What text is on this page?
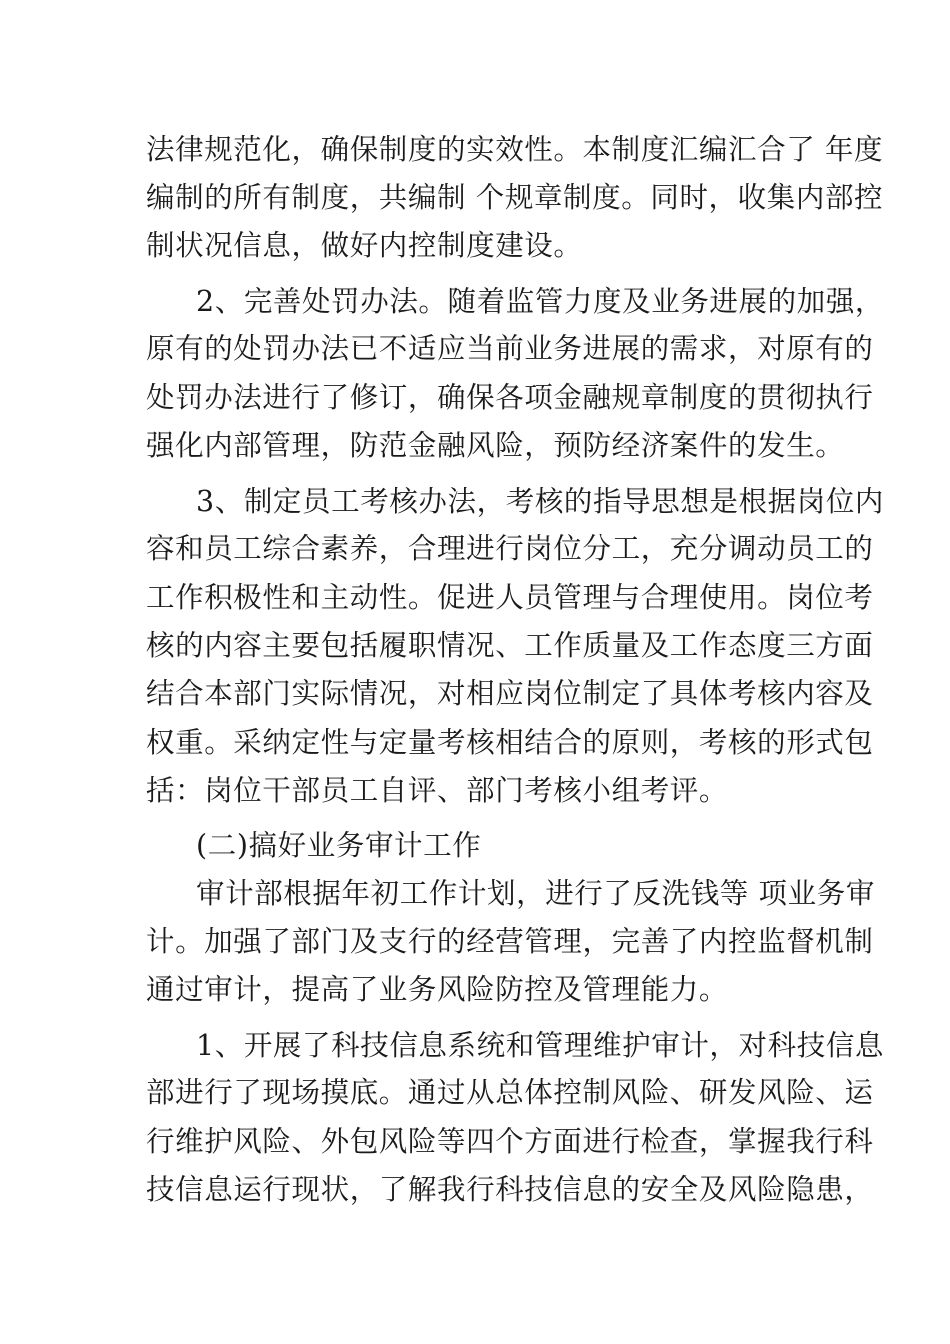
法律规范化，确保制度的实效性。本制度汇编汇合了 年度
编制的所有制度，共编制 个规章制度。同时，收集内部控
制状况信息，做好内控制度建设。
2、完善处罚办法。随着监管力度及业务进展的加强，
原有的处罚办法已不适应当前业务进展的需求，对原有的
处罚办法进行了修订，确保各项金融规章制度的贯彻执行
强化内部管理，防范金融风险，预防经济案件的发生。
3、制定员工考核办法，考核的指导思想是根据岗位内
容和员工综合素养，合理进行岗位分工，充分调动员工的
工作积极性和主动性。促进人员管理与合理使用。岗位考
核的内容主要包括履职情况、工作质量及工作态度三方面
结合本部门实际情况，对相应岗位制定了具体考核内容及
权重。采纳定性与定量考核相结合的原则，考核的形式包
括：岗位干部员工自评、部门考核小组考评。
(二)搞好业务审计工作
审计部根据年初工作计划，进行了反洗钱等 项业务审
计。加强了部门及支行的经营管理，完善了内控监督机制
通过审计，提高了业务风险防控及管理能力。
1、开展了科技信息系统和管理维护审计，对科技信息
部进行了现场摸底。通过从总体控制风险、研发风险、运
行维护风险、外包风险等四个方面进行检查，掌握我行科
技信息运行现状，了解我行科技信息的安全及风险隐患，
